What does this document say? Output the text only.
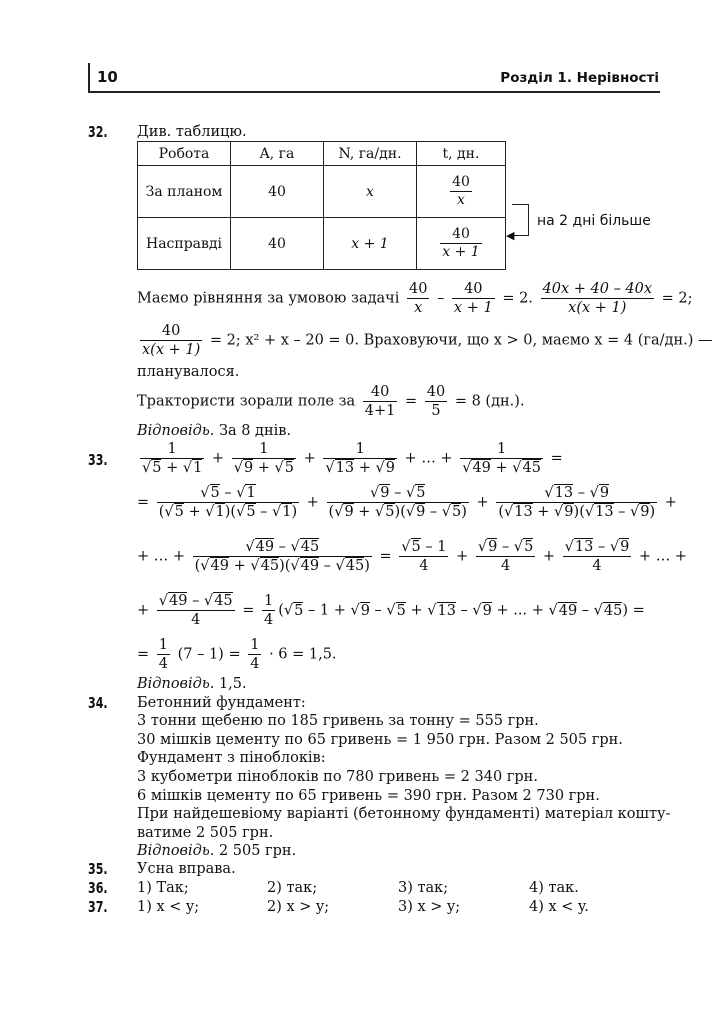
10	Розділ 1. Нерівності
32. Див. таблицю.
Робота	A, га	N, га/дн.	t, дн.
За планом	40	x	$\frac{40}{x}$

Насправді	40	x + 1	$\frac{40}{x + 1}$ ◀
на 2 дні більше
Маємо рівняння за умовою задачі $\frac{40}{x} - \frac{40}{x + 1} = 2$. $\frac{40x + 40 - 40x}{x(x + 1)} = 2$;
$\frac{40}{x(x + 1)} = 2$; x² + x – 20 = 0. Враховуючи, що x > 0, маємо x = 4 (га/дн.) —
планувалося.
Трактористи зорали поле за $\frac{40}{4+1} = \frac{40}{5} = 8$ (дн.).
Відповідь. За 8 днів.
33. $\frac{1}{√5 + √1} + \frac{1}{√9 + √5} + \frac{1}{√13 + √9}$ + … + $\frac{1}{√49 + √45}$ =
= $\frac{√5 - √1}{(√5 + √1)(√5 - √1)} + \frac{√9 - √5}{(√9 + √5)(√9 - √5)} + \frac{√13 - √9}{(√13 + √9)(√13 - √9)}$ +
+ … + $\frac{√49 - √45}{(√49 + √45)(√49 - √45)} = \frac{√5 - 1}{4} + \frac{√9 - √5}{4} + \frac{√13 - √9}{4}$ + … +
+ $\frac{√49 - √45}{4} = \frac{1}{4} (√5 - 1 + √9 - √5 + √13 - √9$ + ... + √49 – √45) =
= $\frac{1}{4} (7 - 1) = \frac{1}{4} \cdot 6 = 1,5$.
Відповідь. 1,5.
34. Бетонний фундамент:
3 тонни щебеню по 185 гривень за тонну = 555 грн.
30 мішків цементу по 65 гривень = 1 950 грн. Разом 2 505 грн.
Фундамент з піноблоків:
3 кубометри піноблоків по 780 гривень = 2 340 грн.
6 мішків цементу по 65 гривень = 390 грн. Разом 2 730 грн.
При найдешевіому варіанті (бетонному фундаменті) матеріал кошту-
ватиме 2 505 грн.
Відповідь. 2 505 грн.
35. Усна вправа.
36. 1) Так;	2) так;	3) так;	4) так.
37. 1) x < y;	2) x > y;	3) x > y;	4) x < y.
